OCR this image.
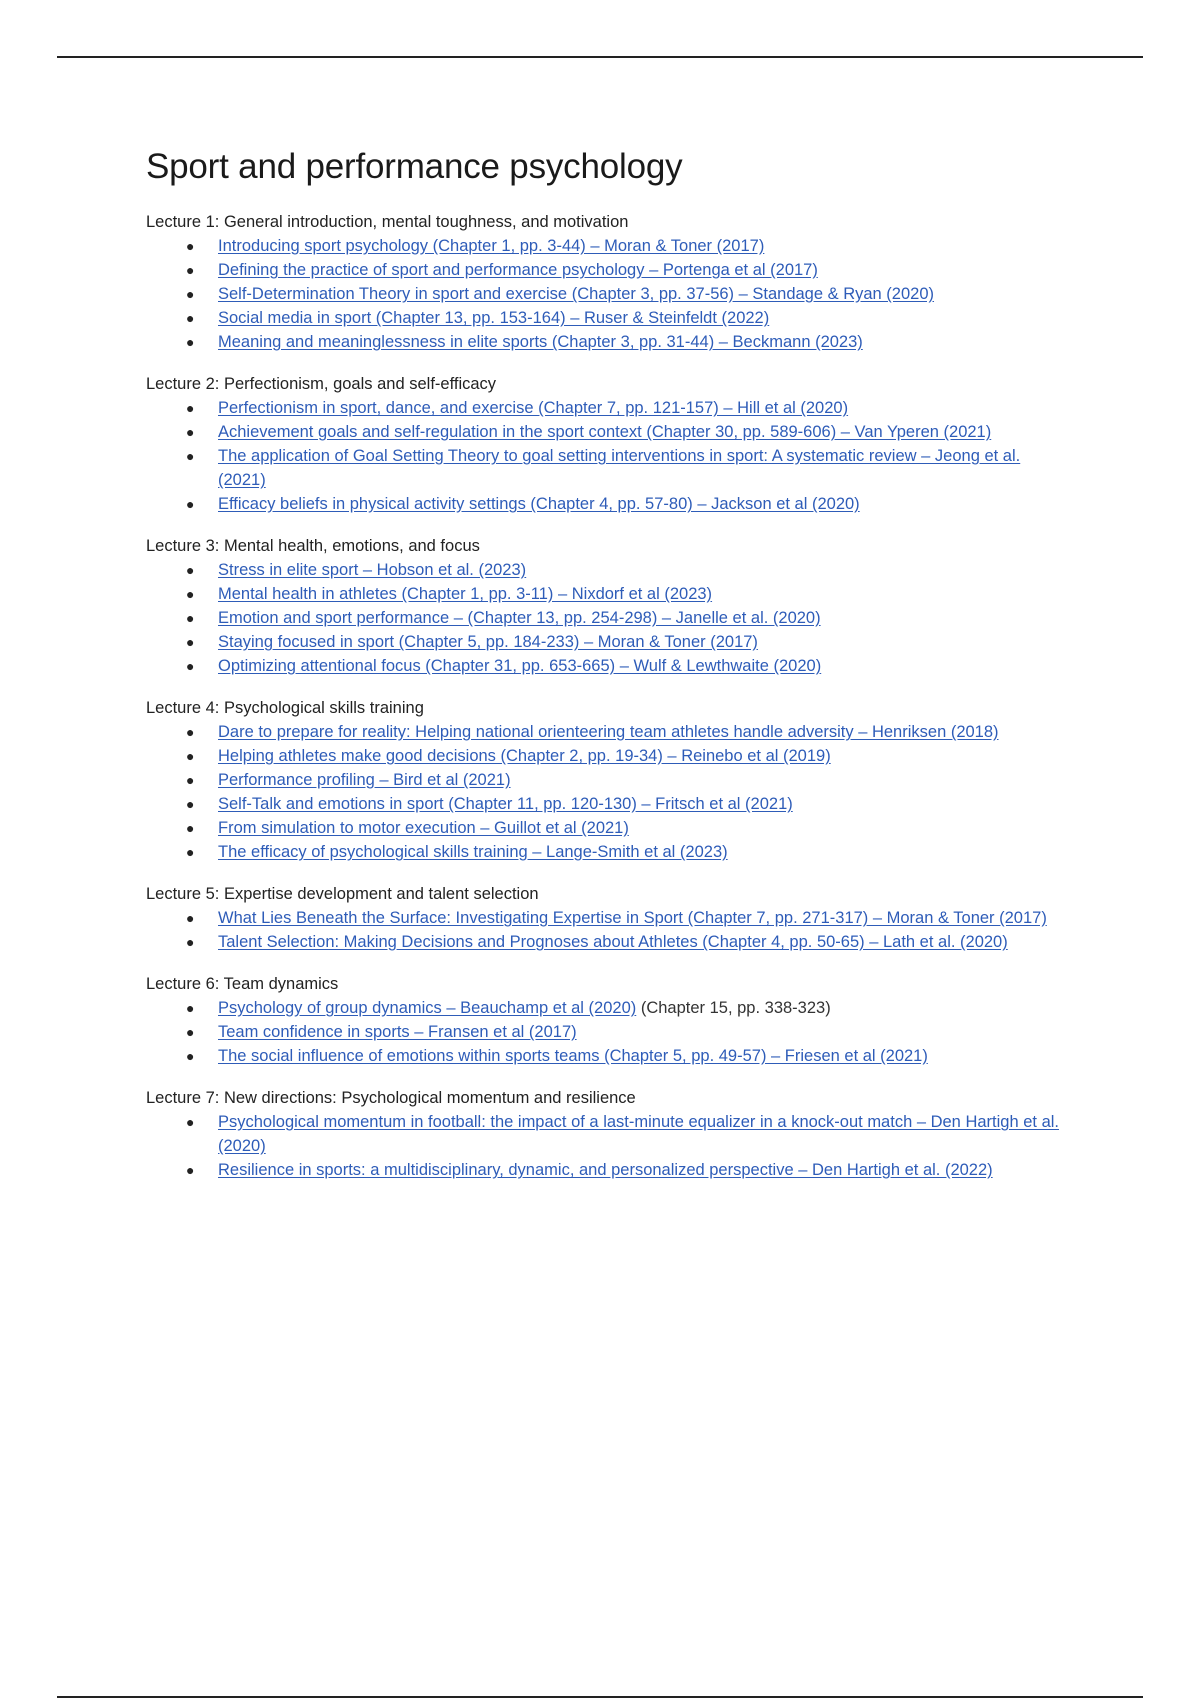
Sport and performance psychology

Lecture 1: General introduction, mental toughness, and motivation

● Introducing sport psychology (Chapter 1, pp. 3-44) – Moran & Toner (2017)
● Defining the practice of sport and performance psychology – Portenga et al (2017)
● Self-Determination Theory in sport and exercise (Chapter 3, pp. 37-56) – Standage & Ryan (2020)
● Social media in sport (Chapter 13, pp. 153-164) – Ruser & Steinfeldt (2022)
● Meaning and meaninglessness in elite sports (Chapter 3, pp. 31-44) – Beckmann (2023)

Lecture 2: Perfectionism, goals and self-efficacy

● Perfectionism in sport, dance, and exercise (Chapter 7, pp. 121-157) – Hill et al (2020)
● Achievement goals and self-regulation in the sport context (Chapter 30, pp. 589-606) – Van Yperen (2021)
● The application of Goal Setting Theory to goal setting interventions in sport: A systematic review – Jeong et al. (2021)
● Efficacy beliefs in physical activity settings (Chapter 4, pp. 57-80) – Jackson et al (2020)

Lecture 3: Mental health, emotions, and focus

● Stress in elite sport – Hobson et al. (2023)
● Mental health in athletes (Chapter 1, pp. 3-11) – Nixdorf et al (2023)
● Emotion and sport performance – (Chapter 13, pp. 254-298) – Janelle et al. (2020)
● Staying focused in sport (Chapter 5, pp. 184-233) – Moran & Toner (2017)
● Optimizing attentional focus (Chapter 31, pp. 653-665) – Wulf & Lewthwaite (2020)

Lecture 4: Psychological skills training

● Dare to prepare for reality: Helping national orienteering team athletes handle adversity – Henriksen (2018)
● Helping athletes make good decisions (Chapter 2, pp. 19-34) – Reinebo et al (2019)
● Performance profiling – Bird et al (2021)
● Self-Talk and emotions in sport (Chapter 11, pp. 120-130) – Fritsch et al (2021)
● From simulation to motor execution – Guillot et al (2021)
● The efficacy of psychological skills training – Lange-Smith et al (2023)

Lecture 5: Expertise development and talent selection

● What Lies Beneath the Surface: Investigating Expertise in Sport (Chapter 7, pp. 271-317) – Moran & Toner (2017)
● Talent Selection: Making Decisions and Prognoses about Athletes (Chapter 4, pp. 50-65) – Lath et al. (2020)

Lecture 6: Team dynamics

● Psychology of group dynamics – Beauchamp et al (2020) (Chapter 15, pp. 338-323)
● Team confidence in sports – Fransen et al (2017)
● The social influence of emotions within sports teams (Chapter 5, pp. 49-57) – Friesen et al (2021)

Lecture 7: New directions: Psychological momentum and resilience

● Psychological momentum in football: the impact of a last-minute equalizer in a knock-out match – Den Hartigh et al. (2020)
● Resilience in sports: a multidisciplinary, dynamic, and personalized perspective – Den Hartigh et al. (2022)
